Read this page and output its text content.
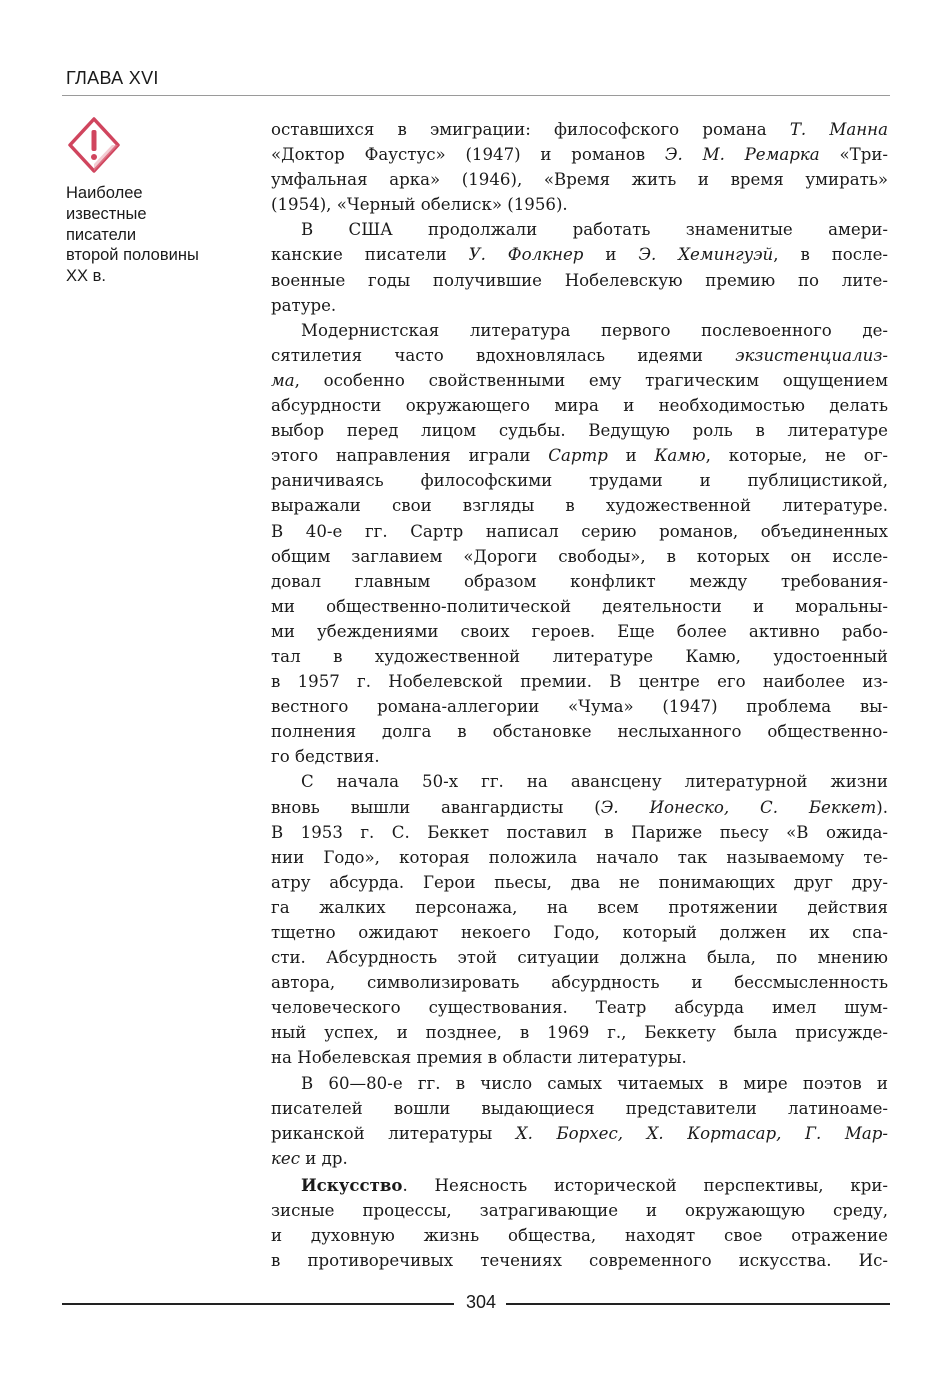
ГЛАВА XVI
Наиболее
известные
писатели
второй половины
XX в.
оставшихся в эмиграции: философского романа Т. Манна
«Доктор Фаустус» (1947) и романов Э. М. Ремарка «Три-
умфальная арка» (1946), «Время жить и время умирать»
(1954), «Черный обелиск» (1956).
В США продолжали работать знаменитые амери-
канские писатели У. Фолкнер и Э. Хемингуэй, в после-
военные годы получившие Нобелевскую премию по лите-
ратуре.
Модернистская литература первого послевоенного де-
сятилетия часто вдохновлялась идеями экзистенциализ-
ма, особенно свойственными ему трагическим ощущением
абсурдности окружающего мира и необходимостью делать
выбор перед лицом судьбы. Ведущую роль в литературе
этого направления играли Сартр и Камю, которые, не ог-
раничиваясь философскими трудами и публицистикой,
выражали свои взгляды в художественной литературе.
В 40-е гг. Сартр написал серию романов, объединенных
общим заглавием «Дороги свободы», в которых он иссле-
довал главным образом конфликт между требования-
ми общественно-политической деятельности и моральны-
ми убеждениями своих героев. Еще более активно рабо-
тал в художественной литературе Камю, удостоенный
в 1957 г. Нобелевской премии. В центре его наиболее из-
вестного романа-аллегории «Чума» (1947) проблема вы-
полнения долга в обстановке неслыханного общественно-
го бедствия.
С начала 50-х гг. на авансцену литературной жизни
вновь вышли авангардисты (Э. Ионеско, С. Беккет).
В 1953 г. С. Беккет поставил в Париже пьесу «В ожида-
нии Годо», которая положила начало так называемому те-
атру абсурда. Герои пьесы, два не понимающих друг дру-
га жалких персонажа, на всем протяжении действия
тщетно ожидают некоего Годо, который должен их спа-
сти. Абсурдность этой ситуации должна была, по мнению
автора, символизировать абсурдность и бессмысленность
человеческого существования. Театр абсурда имел шум-
ный успех, и позднее, в 1969 г., Беккету была присужде-
на Нобелевская премия в области литературы.
В 60—80-е гг. в число самых читаемых в мире поэтов и
писателей вошли выдающиеся представители латиноаме-
риканской литературы Х. Борхес, Х. Кортасар, Г. Мар-
кес и др.
Искусство. Неясность исторической перспективы, кри-
зисные процессы, затрагивающие и окружающую среду,
и духовную жизнь общества, находят свое отражение
в противоречивых течениях современного искусства. Ис-
304
